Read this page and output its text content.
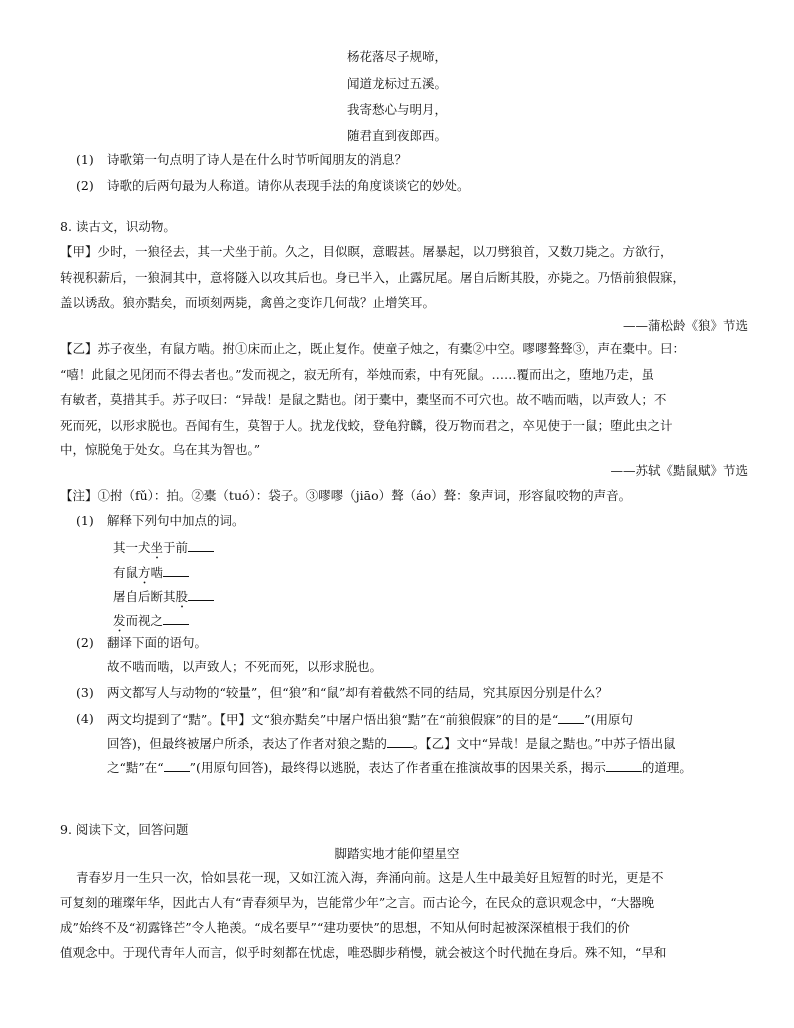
杨花落尽子规啼，
闻道龙标过五溪。
我寄愁心与明月，
随君直到夜郎西。
(1) 诗歌第一句点明了诗人是在什么时节听闻朋友的消息？
(2) 诗歌的后两句最为人称道。请你从表现手法的角度谈谈它的妙处。
8. 读古文，识动物。
【甲】少时，一狼径去，其一犬坐于前。久之，目似瞑，意暇甚。屠暴起，以刀劈狼首，又数刀毙之。方欲行，
转视积薪后，一狼洞其中，意将隧入以攻其后也。身已半入，止露尻尾。屠自后断其股，亦毙之。乃悟前狼假寐，
盖以诱敌。狼亦黠矣，而顷刻两毙，禽兽之变诈几何哉？止增笑耳。
——蒲松龄《狼》节选
【乙】苏子夜坐，有鼠方啮。拊①床而止之，既止复作。使童子烛之，有橐②中空。嘐嘐聱聱③，声在橐中。曰：
“嘻！此鼠之见闭而不得去者也。”发而视之，寂无所有，举烛而索，中有死鼠。……覆而出之，堕地乃走，虽
有敏者，莫措其手。苏子叹曰：“异哉！是鼠之黠也。闭于橐中，橐坚而不可穴也。故不啮而啮，以声致人；不
死而死，以形求脱也。吾闻有生，莫智于人。扰龙伐蛟，登龟狩麟，役万物而君之，卒见使于一鼠；堕此虫之计
中，惊脱兔于处女。乌在其为智也。”
——苏轼《黠鼠赋》节选
【注】①拊（fǔ）：拍。②橐（tuó）：袋子。③嘐嘐（jiāo）聱（áo）聱：象声词，形容鼠咬物的声音。
(1) 解释下列句中加点的词。
其一犬坐于前
有鼠方啮
屠自后断其股
发而视之
(2) 翻译下面的语句。
故不啮而啮，以声致人；不死而死，以形求脱也。
(3) 两文都写人与动物的“较量”，但“狼”和“鼠”却有着截然不同的结局，究其原因分别是什么？
(4) 两文均提到了“黠”。【甲】文“狼亦黠矣”中屠户悟出狼“黠”在“前狼假寐”的目的是“ ”(用原句
回答)，但最终被屠户所杀，表达了作者对狼之黠的 。【乙】文中“异哉！是鼠之黠也。”中苏子悟出鼠
之“黠”在“ ”(用原句回答)，最终得以逃脱，表达了作者重在推演故事的因果关系，揭示	的道理。
9. 阅读下文，回答问题
脚踏实地才能仰望星空
青春岁月一生只一次，恰如昙花一现，又如江流入海，奔涌向前。这是人生中最美好且短暂的时光，更是不
可复刻的璀璨年华，因此古人有“青春须早为，岂能常少年”之言。而古论今，在民众的意识观念中，“大器晚
成”始终不及“初露锋芒”令人艳羡。“成名要早”“建功要快”的思想，不知从何时起被深深植根于我们的价
值观念中。于现代青年人而言，似乎时刻都在忧虑，唯恐脚步稍慢，就会被这个时代抛在身后。殊不知，“早和
